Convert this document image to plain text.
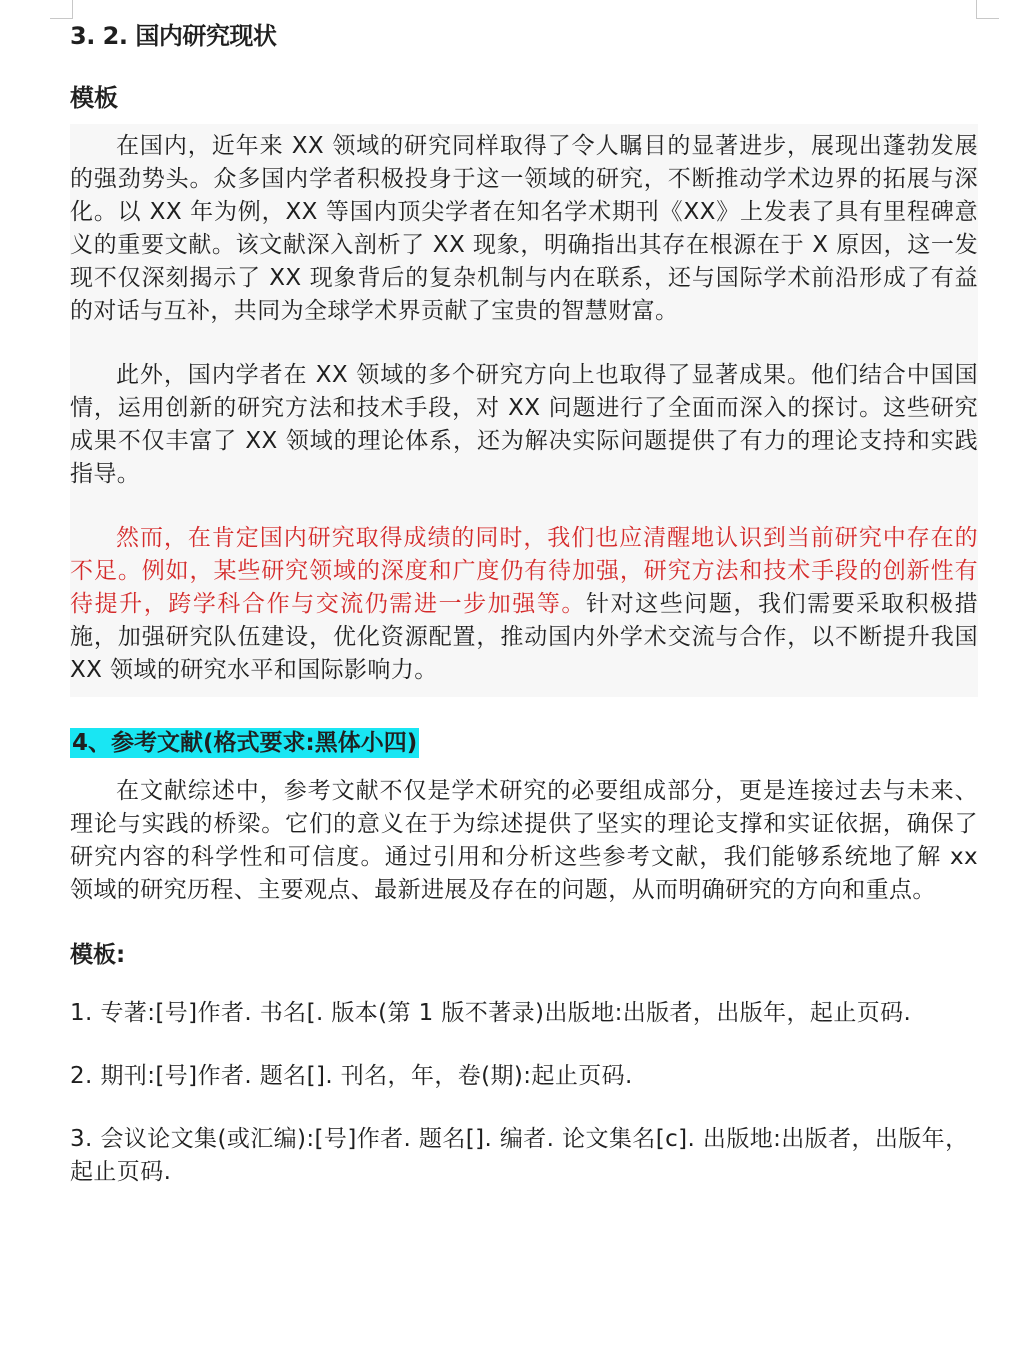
3. 2. 国内研究现状
模板

在国内，近年来 XX 领域的研究同样取得了令人瞩目的显著进步，展现出蓬勃发展的强劲势头。众多国内学者积极投身于这一领域的研究，不断推动学术边界的拓展与深化。以 XX 年为例，XX 等国内顶尖学者在知名学术期刊《XX》上发表了具有里程碑意义的重要文献。该文献深入剖析了 XX 现象，明确指出其存在根源在于 X 原因，这一发现不仅深刻揭示了 XX 现象背后的复杂机制与内在联系，还与国际学术前沿形成了有益的对话与互补，共同为全球学术界贡献了宝贵的智慧财富。

此外，国内学者在 XX 领域的多个研究方向上也取得了显著成果。他们结合中国国情，运用创新的研究方法和技术手段，对 XX 问题进行了全面而深入的探讨。这些研究成果不仅丰富了 XX 领域的理论体系，还为解决实际问题提供了有力的理论支持和实践指导。

然而，在肯定国内研究取得成绩的同时，我们也应清醒地认识到当前研究中存在的不足。例如，某些研究领域的深度和广度仍有待加强，研究方法和技术手段的创新性有待提升，跨学科合作与交流仍需进一步加强等。针对这些问题，我们需要采取积极措施，加强研究队伍建设，优化资源配置，推动国内外学术交流与合作，以不断提升我国 XX 领域的研究水平和国际影响力。

4、参考文献(格式要求:黑体小四)

在文献综述中，参考文献不仅是学术研究的必要组成部分，更是连接过去与未来、理论与实践的桥梁。它们的意义在于为综述提供了坚实的理论支撑和实证依据，确保了研究内容的科学性和可信度。通过引用和分析这些参考文献，我们能够系统地了解 xx 领域的研究历程、主要观点、最新进展及存在的问题，从而明确研究的方向和重点。

模板:

1. 专著:[号]作者. 书名[. 版本(第 1 版不著录)出版地:出版者，出版年，起止页码.

2. 期刊:[号]作者. 题名[]. 刊名，年，卷(期):起止页码.

3. 会议论文集(或汇编):[号]作者. 题名[]. 编者. 论文集名[c]. 出版地:出版者，出版年，起止页码.
